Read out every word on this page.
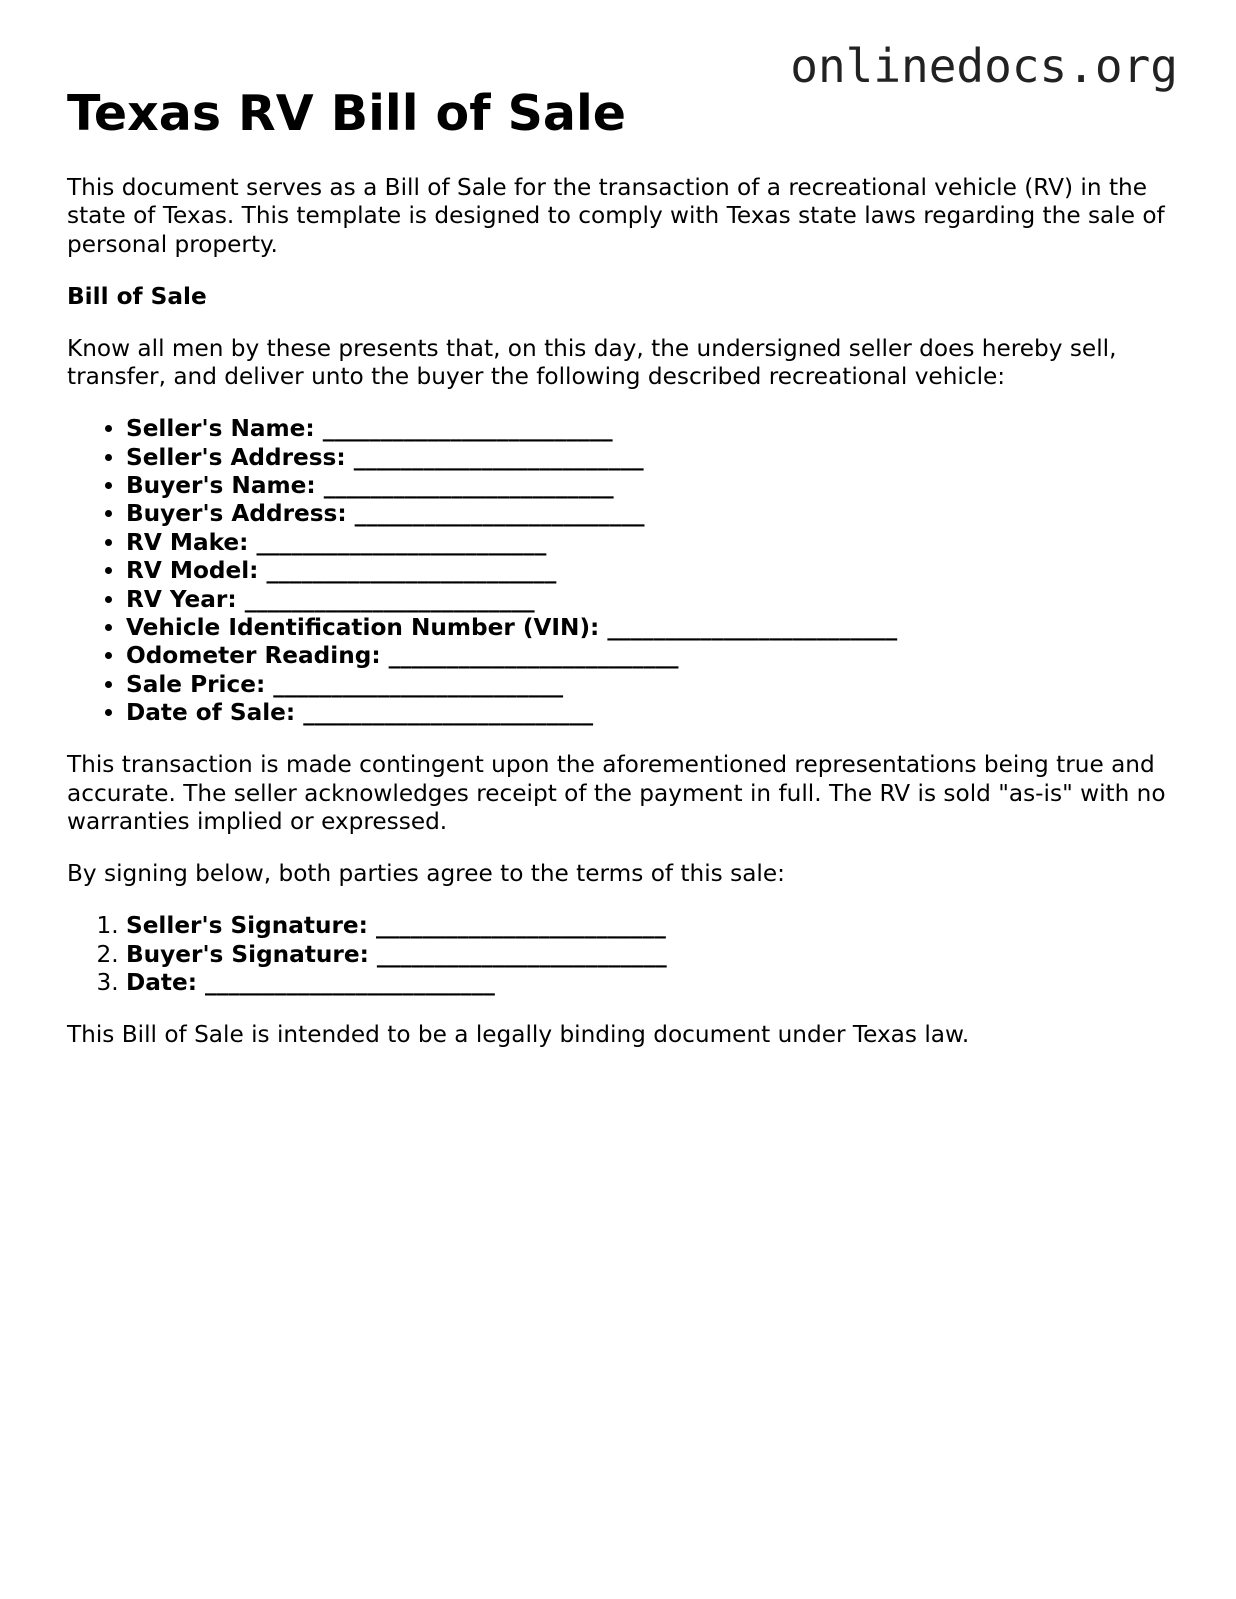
onlinedocs.org
Texas RV Bill of Sale

This document serves as a Bill of Sale for the transaction of a recreational vehicle (RV) in the state of Texas. This template is designed to comply with Texas state laws regarding the sale of personal property.

Bill of Sale

Know all men by these presents that, on this day, the undersigned seller does hereby sell, transfer, and deliver unto the buyer the following described recreational vehicle:

• Seller's Name: _________________________
• Seller's Address: _________________________
• Buyer's Name: _________________________
• Buyer's Address: _________________________
• RV Make: _________________________
• RV Model: _________________________
• RV Year: _________________________
• Vehicle Identification Number (VIN): _________________________
• Odometer Reading: _________________________
• Sale Price: _________________________
• Date of Sale: _________________________

This transaction is made contingent upon the aforementioned representations being true and accurate. The seller acknowledges receipt of the payment in full. The RV is sold "as-is" with no warranties implied or expressed.

By signing below, both parties agree to the terms of this sale:

1. Seller's Signature: _________________________
2. Buyer's Signature: _________________________
3. Date: _________________________

This Bill of Sale is intended to be a legally binding document under Texas law.
